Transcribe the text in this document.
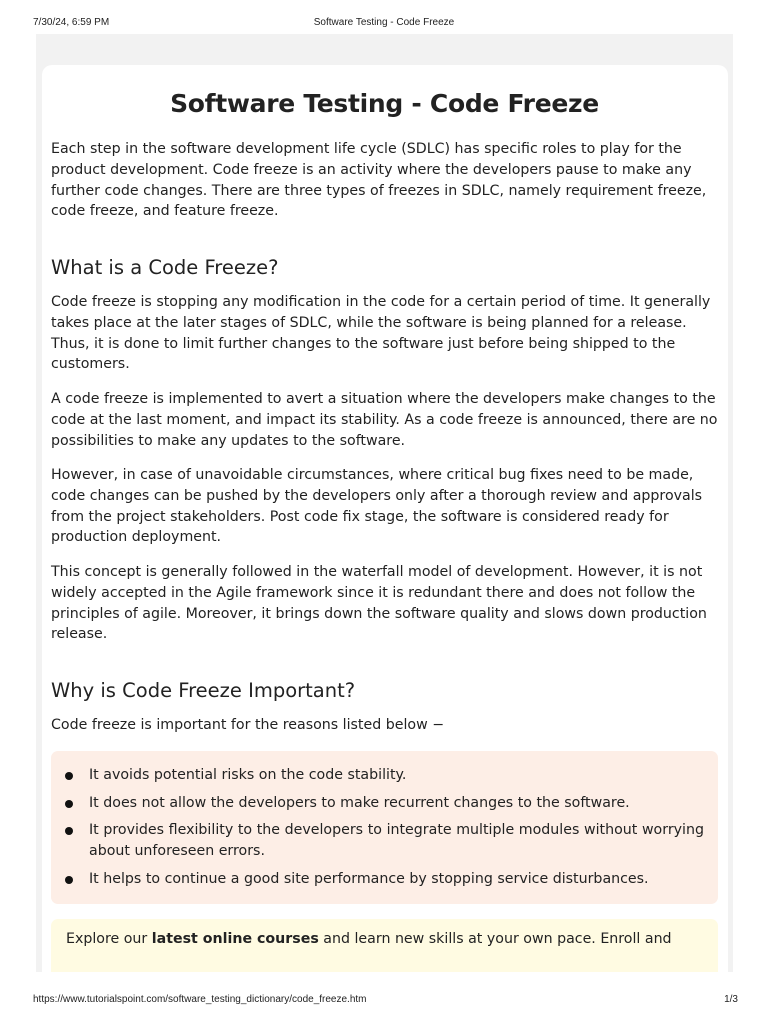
7/30/24, 6:59 PM	Software Testing - Code Freeze
Software Testing - Code Freeze

Each step in the software development life cycle (SDLC) has specific roles to play for the product development. Code freeze is an activity where the developers pause to make any further code changes. There are three types of freezes in SDLC, namely requirement freeze, code freeze, and feature freeze.

What is a Code Freeze?

Code freeze is stopping any modification in the code for a certain period of time. It generally takes place at the later stages of SDLC, while the software is being planned for a release. Thus, it is done to limit further changes to the software just before being shipped to the customers.

A code freeze is implemented to avert a situation where the developers make changes to the code at the last moment, and impact its stability. As a code freeze is announced, there are no possibilities to make any updates to the software.

However, in case of unavoidable circumstances, where critical bug fixes need to be made, code changes can be pushed by the developers only after a thorough review and approvals from the project stakeholders. Post code fix stage, the software is considered ready for production deployment.

This concept is generally followed in the waterfall model of development. However, it is not widely accepted in the Agile framework since it is redundant there and does not follow the principles of agile. Moreover, it brings down the software quality and slows down production release.

Why is Code Freeze Important?

Code freeze is important for the reasons listed below −

It avoids potential risks on the code stability.
It does not allow the developers to make recurrent changes to the software.
It provides flexibility to the developers to integrate multiple modules without worrying about unforeseen errors.
It helps to continue a good site performance by stopping service disturbances.
Explore our latest online courses and learn new skills at your own pace. Enroll and
https://www.tutorialspoint.com/software_testing_dictionary/code_freeze.htm	1/3
